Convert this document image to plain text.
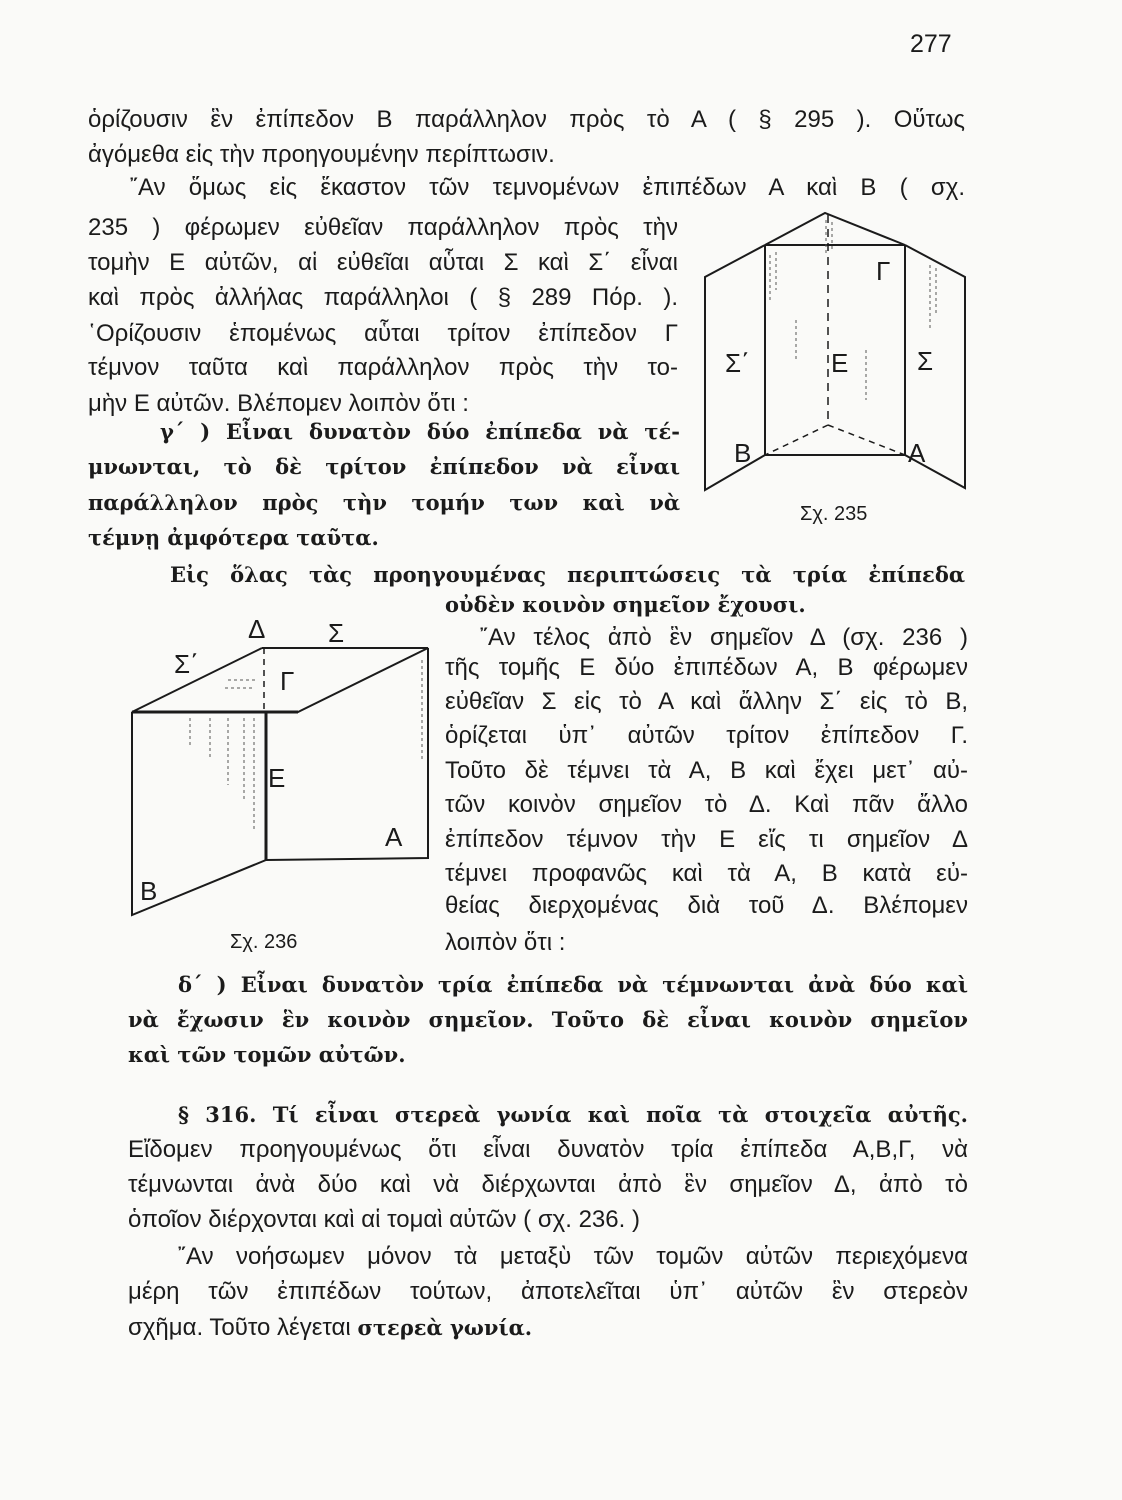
277
ὁρίζουσιν ἓν ἐπίπεδον Β παράλληλον πρὸς τὸ Α ( § 295 ). Οὕτως
ἀγόμεθα εἰς τὴν προηγουμένην περίπτωσιν.
῎Αν ὅμως εἰς ἕκαστον τῶν τεμνομένων ἐπιπέδων Α καὶ Β ( σχ.
235 ) φέρωμεν εὐθεῖαν παράλληλον πρὸς τὴν
τομὴν Ε αὐτῶν, αἱ εὐθεῖαι αὗται Σ καὶ Σ΄ εἶναι
καὶ πρὸς ἀλλήλας παράλληλοι ( § 289 Πόρ. ).
῾Ορίζουσιν ἑπομένως αὗται τρίτον ἐπίπεδον Γ
τέμνον ταῦτα καὶ παράλληλον πρὸς τὴν το-
μὴν Ε αὐτῶν. Βλέπομεν λοιπὸν ὅτι :
γ΄ ) Εἶναι δυνατὸν δύο ἐπίπεδα νὰ τέ-
μνωνται, τὸ δὲ τρίτον ἐπίπεδον νὰ εἶναι
παράλληλον πρὸς τὴν τομήν των καὶ νὰ
τέμνῃ ἀμφότερα ταῦτα.
Εἰς ὅλας τὰς προηγουμένας περιπτώσεις τὰ τρία ἐπίπεδα
οὐδὲν κοινὸν σημεῖον ἔχουσι.
῎Αν τέλος ἀπὸ ἓν σημεῖον Δ (σχ. 236 )
τῆς τομῆς Ε δύο ἐπιπέδων Α, Β φέρωμεν
εὐθεῖαν Σ εἰς τὸ Α καὶ ἄλλην Σ΄ εἰς τὸ Β,
ὁρίζεται ὑπ᾽ αὐτῶν τρίτον ἐπίπεδον Γ.
Τοῦτο δὲ τέμνει τὰ Α, Β καὶ ἔχει μετ᾽ αὐ-
τῶν κοινὸν σημεῖον τὸ Δ. Καὶ πᾶν ἄλλο
ἐπίπεδον τέμνον τὴν Ε εἴς τι σημεῖον Δ
τέμνει προφανῶς καὶ τὰ Α, Β κατὰ εὐ-
θείας διερχομένας διὰ τοῦ Δ. Βλέπομεν
λοιπὸν ὅτι :
δ΄ ) Εἶναι δυνατὸν τρία ἐπίπεδα νὰ τέμνωνται ἀνὰ δύο καὶ
νὰ ἔχωσιν ἓν κοινὸν σημεῖον. Τοῦτο δὲ εἶναι κοινὸν σημεῖον
καὶ τῶν τομῶν αὐτῶν.
§ 316. Τί εἶναι στερεὰ γωνία καὶ ποῖα τὰ στοιχεῖα αὐτῆς.
Εἴδομεν προηγουμένως ὅτι εἶναι δυνατὸν τρία ἐπίπεδα Α,Β,Γ, νὰ
τέμνωνται ἀνὰ δύο καὶ νὰ διέρχωνται ἀπὸ ἓν σημεῖον Δ, ἀπὸ τὸ
ὁποῖον διέρχονται καὶ αἱ τομαὶ αὐτῶν ( σχ. 236. )
῎Αν νοήσωμεν μόνον τὰ μεταξὺ τῶν τομῶν αὐτῶν περιεχόμενα
μέρη τῶν ἐπιπέδων τούτων, ἀποτελεῖται ὑπ᾽ αὐτῶν ἓν στερεὸν
σχῆμα. Τοῦτο λέγεται στερεὰ γωνία.
Σ΄	Ε	Σ
Γ
Β	Α
Σχ. 235
Δ Σ
Σ΄
Γ
Ε
Α
Β
Σχ. 236
